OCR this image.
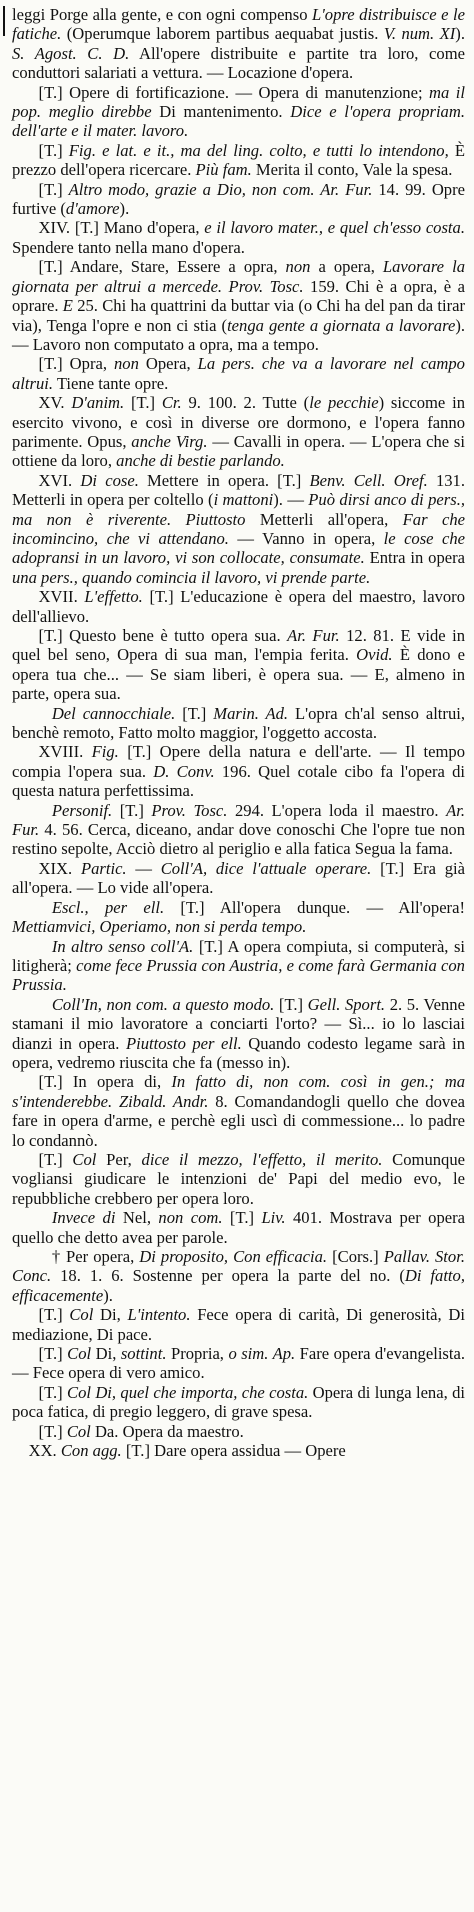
leggi Porge alla gente, e con ogni compenso L'opre distribuisce e le fatiche. (Operumque laborem partibus aequabat justis. V. num. XI). S. Agost. C. D. All'opere distribuite e partite tra loro, come conduttori salariati a vettura. — Locazione d'opera.

[T.] Opere di fortificazione. — Opera di manutenzione; ma il pop. meglio direbbe Di mantenimento. Dice e l'opera propriam. dell'arte e il mater. lavoro.

[T.] Fig. e lat. e it., ma del ling. colto, e tutti lo intendono, È prezzo dell'opera ricercare. Più fam. Merita il conto, Vale la spesa.

[T.] Altro modo, grazie a Dio, non com. Ar. Fur. 14. 99. Opre furtive (d'amore).

XIV. [T.] Mano d'opera, e il lavoro mater., e quel ch'esso costa. Spendere tanto nella mano d'opera.

[T.] Andare, Stare, Essere a opra, non a opera, Lavorare la giornata per altrui a mercede. Prov. Tosc. 159. Chi è a opra, è a oprare. E 25. Chi ha quattrini da buttar via (o Chi ha del pan da tirar via), Tenga l'opre e non ci stia (tenga gente a giornata a lavorare). — Lavoro non computato a opra, ma a tempo.

[T.] Opra, non Opera, La pers. che va a lavorare nel campo altrui. Tiene tante opre.

XV. D'anim. [T.] Cr. 9. 100. 2. Tutte (le pecchie) siccome in esercito vivono, e così in diverse ore dormono, e l'opera fanno parimente. Opus, anche Virg. — Cavalli in opera. — L'opera che si ottiene da loro, anche di bestie parlando.

XVI. Di cose. Mettere in opera. [T.] Benv. Cell. Oref. 131. Metterli in opera per coltello (i mattoni). — Può dirsi anco di pers., ma non è riverente. Piuttosto Metterli all'opera, Far che incomincino, che vi attendano. — Vanno in opera, le cose che adopransi in un lavoro, vi son collocate, consumate. Entra in opera una pers., quando comincia il lavoro, vi prende parte.

XVII. L'effetto. [T.] L'educazione è opera del maestro, lavoro dell'allievo.

[T.] Questo bene è tutto opera sua. Ar. Fur. 12. 81. E vide in quel bel seno, Opera di sua man, l'empia ferita. Ovid. È dono e opera tua che... — Se siam liberi, è opera sua. — E, almeno in parte, opera sua.

Del cannocchiale. [T.] Marin. Ad. L'opra ch'al senso altrui, benchè remoto, Fatto molto maggior, l'oggetto accosta.

XVIII. Fig. [T.] Opere della natura e dell'arte. — Il tempo compia l'opera sua. D. Conv. 196. Quel cotale cibo fa l'opera di questa natura perfettissima.

Personif. [T.] Prov. Tosc. 294. L'opera loda il maestro. Ar. Fur. 4. 56. Cerca, diceano, andar dove conoschi Che l'opre tue non restino sepolte, Acciò dietro al periglio e alla fatica Segua la fama.

XIX. Partic. — Coll'A, dice l'attuale operare. [T.] Era già all'opera. — Lo vide all'opera.

Escl., per ell. [T.] All'opera dunque. — All'opera! Mettiamvici, Operiamo, non si perda tempo.

In altro senso coll'A. [T.] A opera compiuta, si computerà, si litigherà; come fece Prussia con Austria, e come farà Germania con Prussia.

Coll'In, non com. a questo modo. [T.] Gell. Sport. 2. 5. Venne stamani il mio lavoratore a conciarti l'orto? — Sì... io lo lasciai dianzi in opera. Piuttosto per ell. Quando codesto legame sarà in opera, vedremo riuscita che fa (messo in).

[T.] In opera di, In fatto di, non com. così in gen.; ma s'intenderebbe. Zibald. Andr. 8. Comandandogli quello che dovea fare in opera d'arme, e perchè egli uscì di commessione... lo padre lo condannò.

[T.] Col Per, dice il mezzo, l'effetto, il merito. Comunque vogliansi giudicare le intenzioni de' Papi del medio evo, le repubbliche crebbero per opera loro.

Invece di Nel, non com. [T.] Liv. 401. Mostrava per opera quello che detto avea per parole.

† Per opera, Di proposito, Con efficacia. [Cors.] Pallav. Stor. Conc. 18. 1. 6. Sostenne per opera la parte del no. (Di fatto, efficacemente).

[T.] Col Di, L'intento. Fece opera di carità, Di generosità, Di mediazione, Di pace.

[T.] Col Di, sottint. Propria, o sim. Ap. Fare opera d'evangelista. — Fece opera di vero amico.

[T.] Col Di, quel che importa, che costa. Opera di lunga lena, di poca fatica, di pregio leggero, di grave spesa.

[T.] Col Da. Opera da maestro.

XX. Con agg. [T.] Dare opera assidua — Opere
